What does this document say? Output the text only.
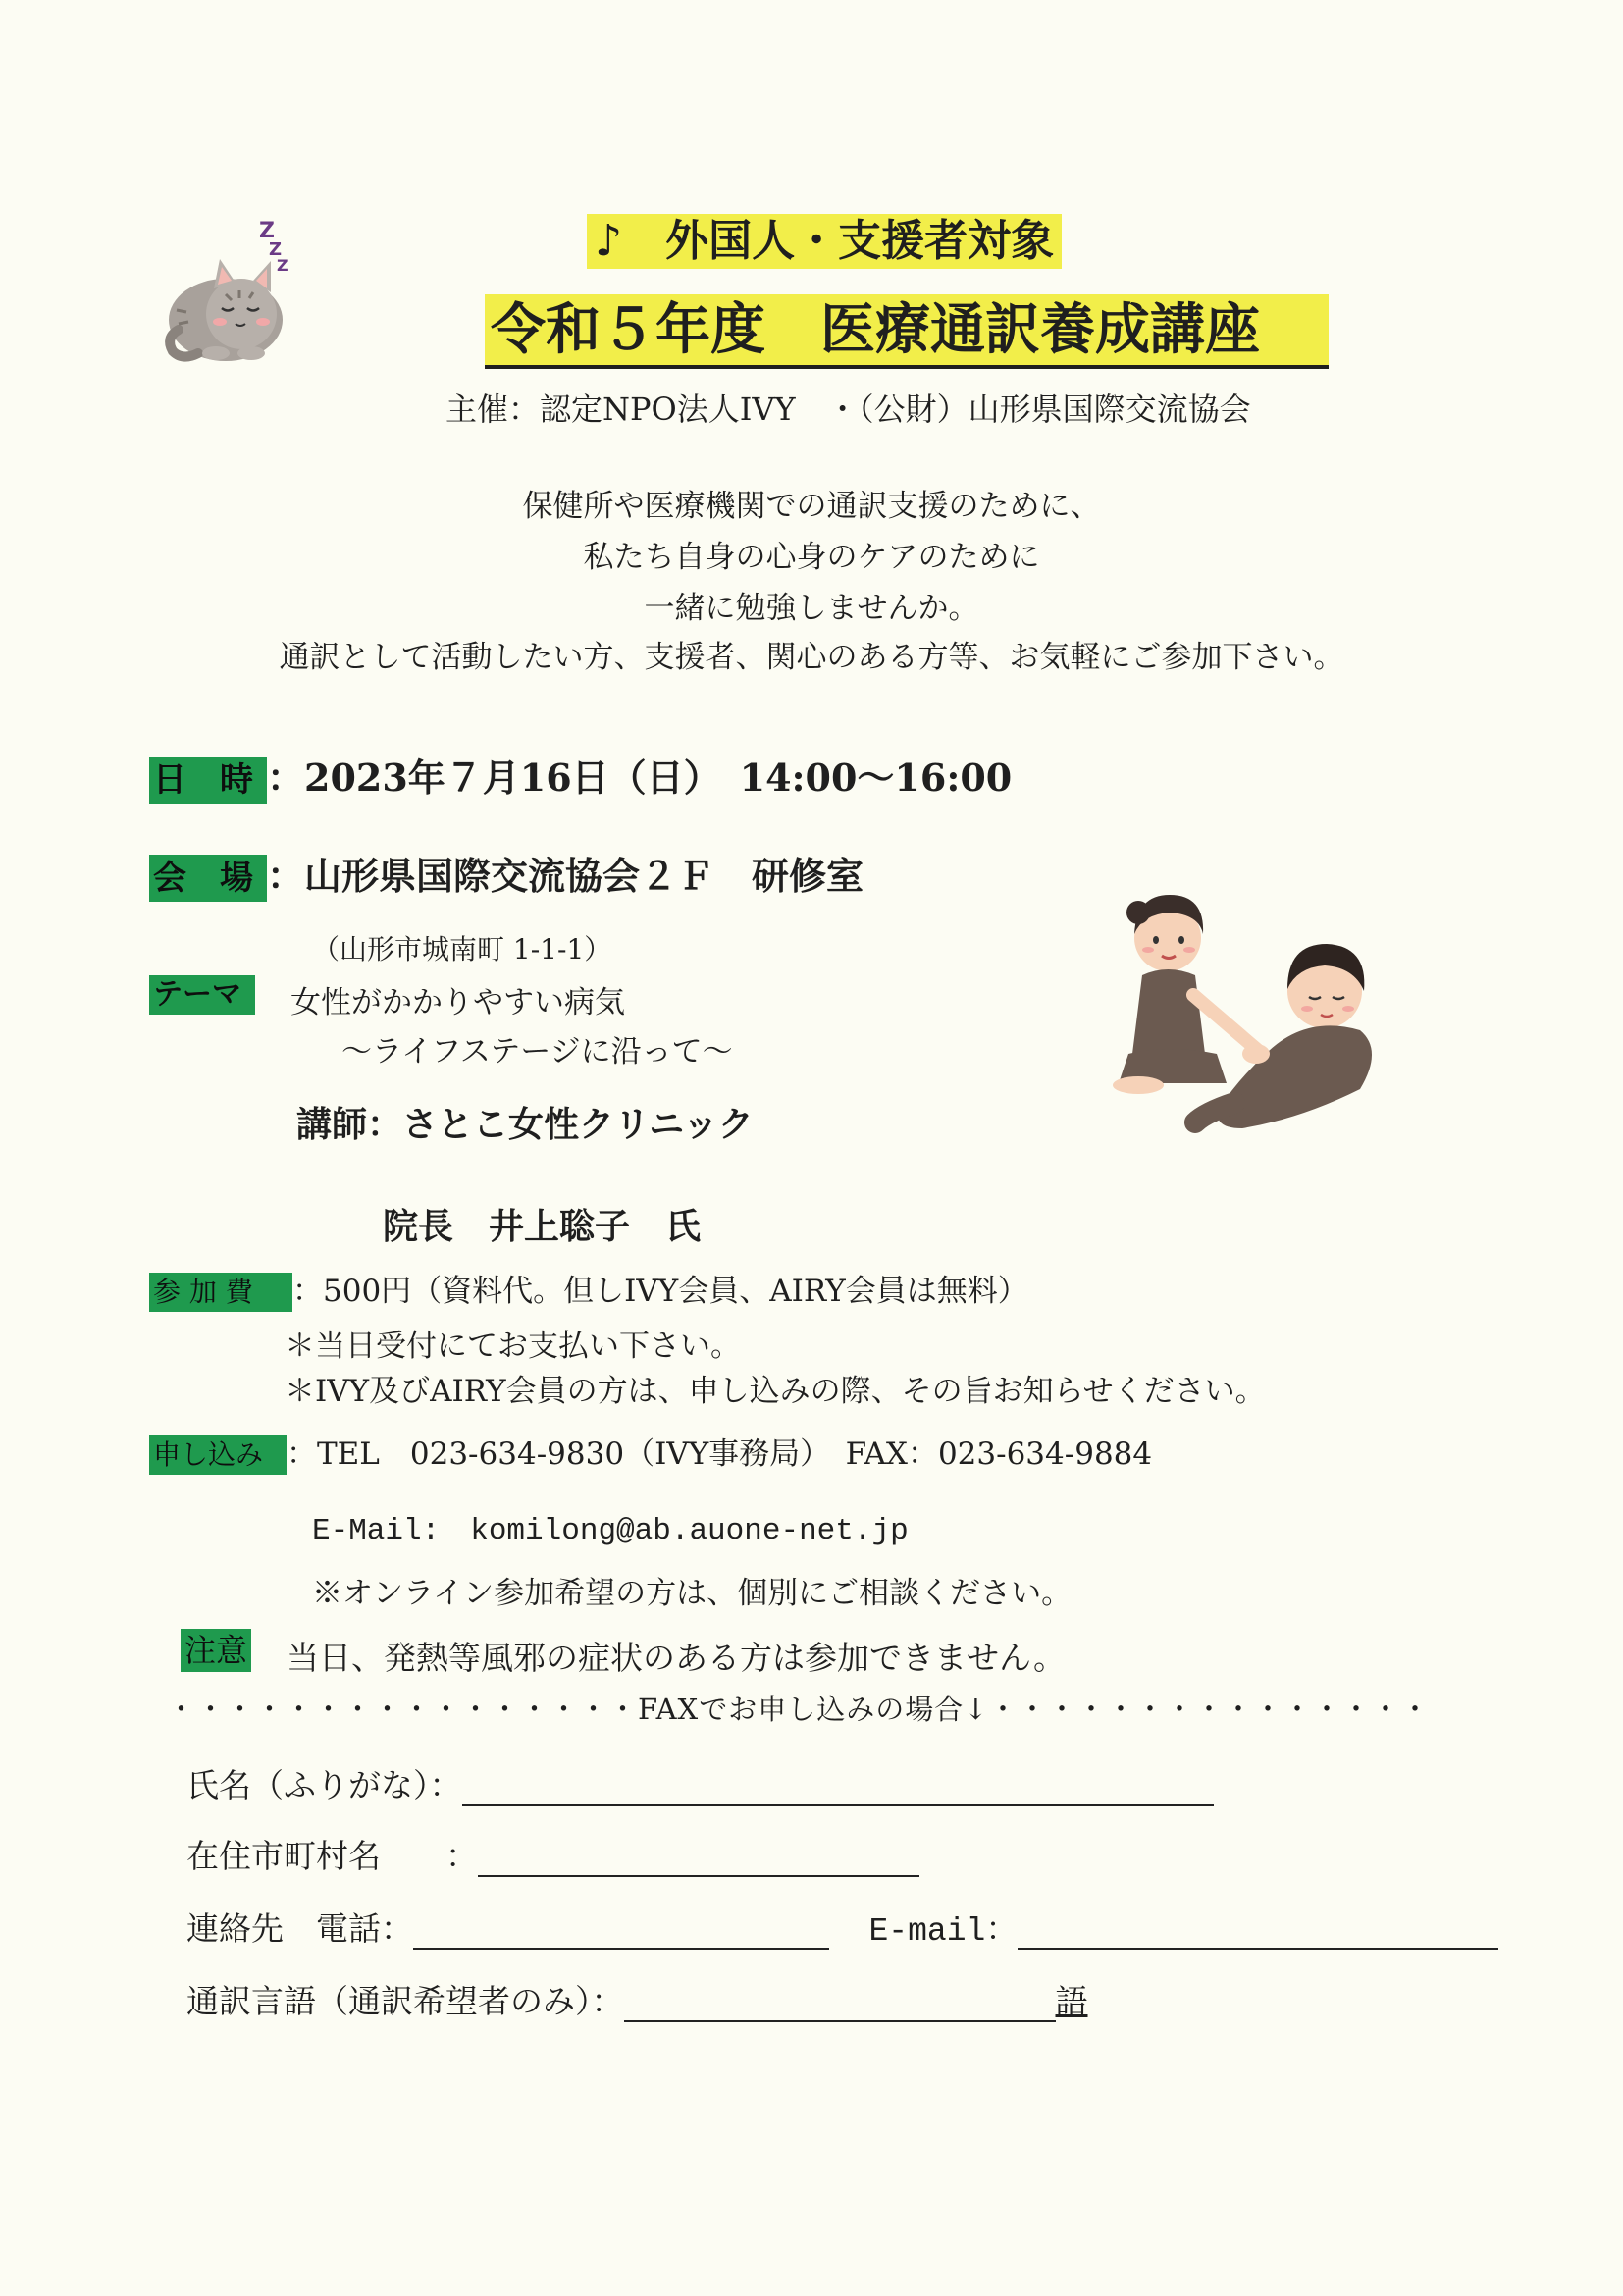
Z
Z
Z	♪　外国人・支援者対象
令和５年度　医療通訳養成講座
主催：認定NPO法人IVY　・（公財）山形県国際交流協会
保健所や医療機関での通訳支援のために、
私たち自身の心身のケアのために
一緒に勉強しませんか。
通訳として活動したい方、支援者、関心のある方等、お気軽にご参加下さい。
日　時 ：2023年７月16日（日）　14:00〜16:00
会　場 ：山形県国際交流協会２Ｆ　研修室
（山形市城南町 1-1-1）
テーマ	女性がかかりやすい病気
〜ライフステージに沿って〜
講師：さとこ女性クリニック
院長　井上聡子　氏
参 加 費 ：500円（資料代。但しIVY会員、AIRY会員は無料）
＊当日受付にてお支払い下さい。
＊IVY及びAIRY会員の方は、申し込みの際、その旨お知らせください。
申し込み ：TEL　023-634-9830（IVY事務局）　FAX：023-634-9884
E-Mail:　komilong@ab.auone-net.jp
※オンライン参加希望の方は、個別にご相談ください。
注意 当日、発熱等風邪の症状のある方は参加できません。
・・・・・・・・・・・・・・・・FAXでお申し込みの場合↓・・・・・・・・・・・・・・・
氏名（ふりがな）：
在住市町村名　　：
連絡先　電話：	E-mail：
通訳言語（通訳希望者のみ）：	語
